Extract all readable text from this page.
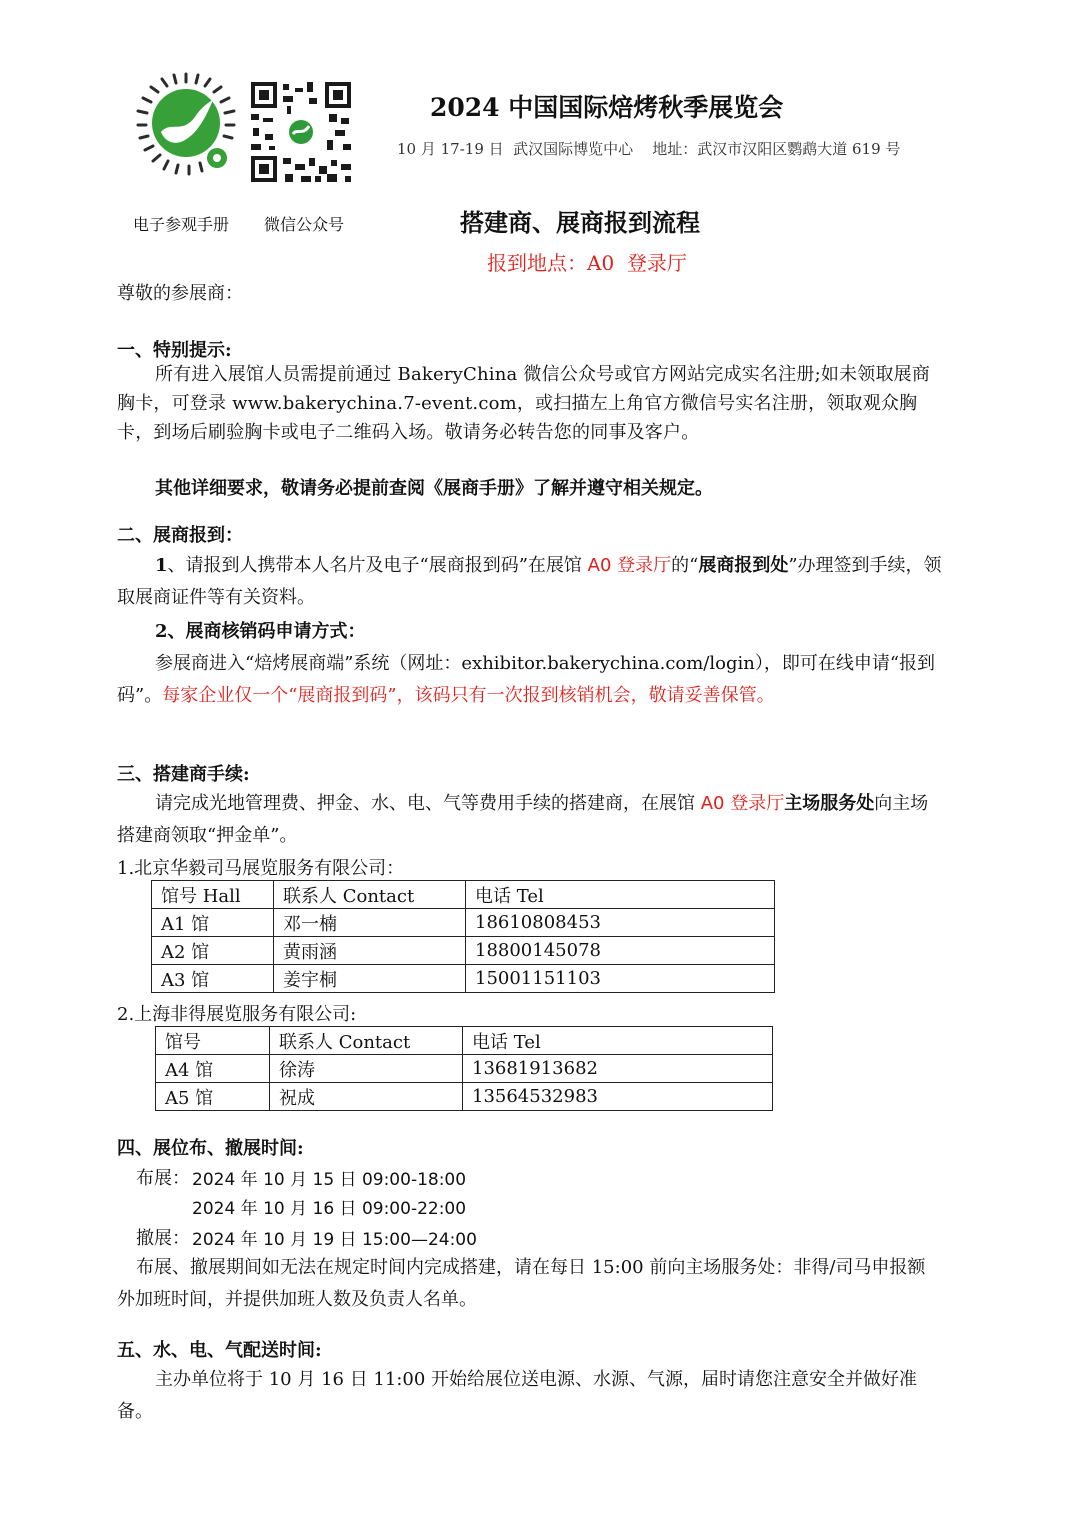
电子参观手册 微信公众号
2024 中国国际焙烤秋季展览会
10 月 17-19 日  武汉国际博览中心    地址：武汉市汉阳区鹦鹉大道 619 号
搭建商、展商报到流程
报到地点：A0  登录厅
尊敬的参展商：
一、特别提示:

所有进入展馆人员需提前通过 BakeryChina 微信公众号或官方网站完成实名注册;如未领取展商胸卡，可登录 www.bakerychina.7-event.com，或扫描左上角官方微信号实名注册，领取观众胸卡，到场后刷验胸卡或电子二维码入场。敬请务必转告您的同事及客户。

其他详细要求，敬请务必提前查阅《展商手册》了解并遵守相关规定。

二、展商报到：

1、请报到人携带本人名片及电子“展商报到码”在展馆 A0 登录厅的“展商报到处”办理签到手续，领取展商证件等有关资料。

2、展商核销码申请方式：

参展商进入“焙烤展商端”系统（网址：exhibitor.bakerychina.com/login），即可在线申请“报到码”。每家企业仅一个“展商报到码”，该码只有一次报到核销机会，敬请妥善保管。

三、搭建商手续:

请完成光地管理费、押金、水、电、气等费用手续的搭建商，在展馆 A0 登录厅主场服务处向主场搭建商领取“押金单”。

1.北京华毅司马展览服务有限公司：
馆号 Hall	联系人 Contact	电话 Tel
A1 馆	邓一楠	18610808453
A2 馆	黄雨涵	18800145078
A3 馆	姜宇桐	15001151103
2.上海非得展览服务有限公司:
馆号	联系人 Contact	电话 Tel
A4 馆	徐涛	13681913682
A5 馆	祝成	13564532983
四、展位布、撤展时间:
布展： 2024 年 10 月 15 日 09:00-18:00
2024 年 10 月 16 日 09:00-22:00
撤展： 2024 年 10 月 19 日 15:00—24:00

布展、撤展期间如无法在规定时间内完成搭建，请在每日 15:00 前向主场服务处：非得/司马申报额外加班时间，并提供加班人数及负责人名单。

五、水、电、气配送时间:

主办单位将于 10 月 16 日 11:00 开始给展位送电源、水源、气源，届时请您注意安全并做好准备。
